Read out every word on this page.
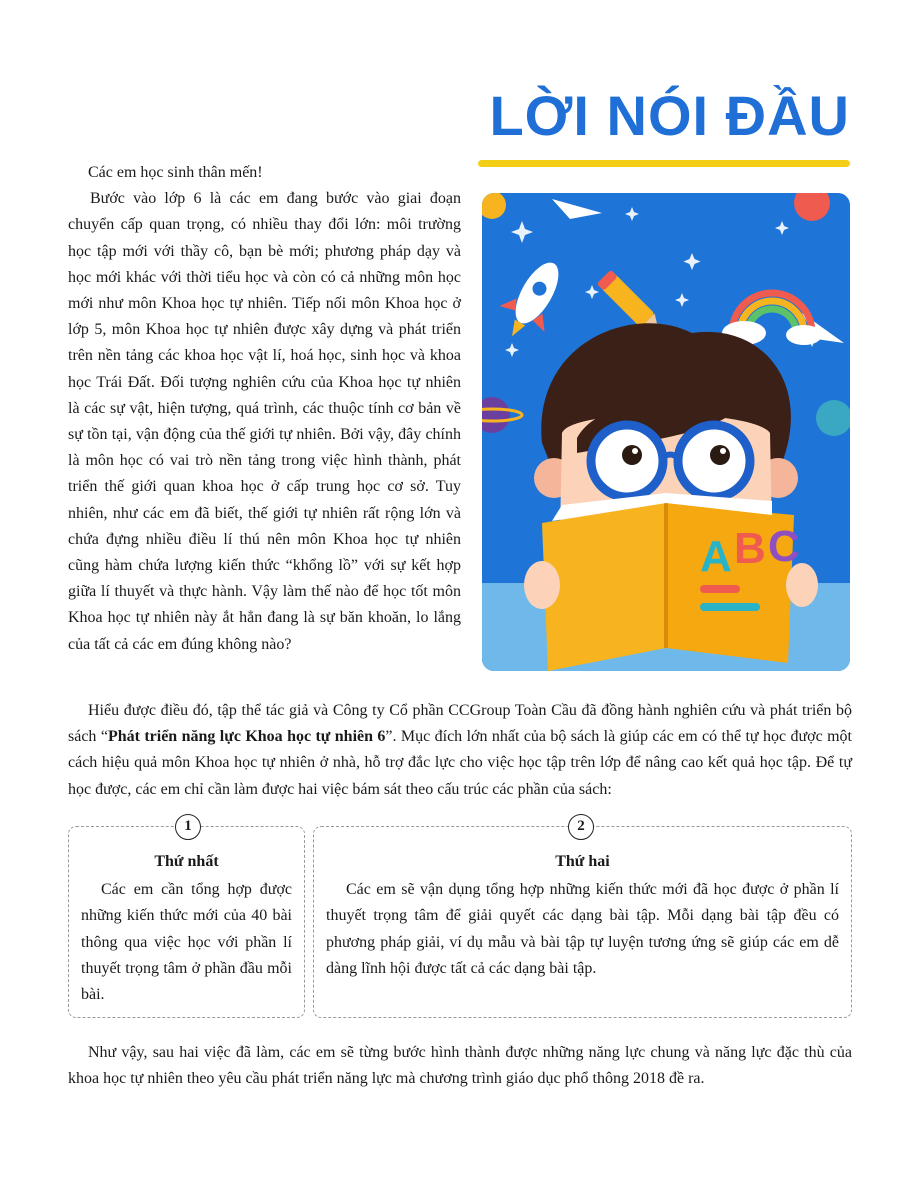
LỜI NÓI ĐẦU

Các em học sinh thân mến!

Bước vào lớp 6 là các em đang bước vào giai đoạn chuyển cấp quan trọng, có nhiều thay đổi lớn: môi trường học tập mới với thầy cô, bạn bè mới; phương pháp dạy và học mới khác với thời tiểu học và còn có cả những môn học mới như môn Khoa học tự nhiên. Tiếp nối môn Khoa học ở lớp 5, môn Khoa học tự nhiên được xây dựng và phát triển trên nền tảng các khoa học vật lí, hoá học, sinh học và khoa học Trái Đất. Đối tượng nghiên cứu của Khoa học tự nhiên là các sự vật, hiện tượng, quá trình, các thuộc tính cơ bản về sự tồn tại, vận động của thế giới tự nhiên. Bởi vậy, đây chính là môn học có vai trò nền tảng trong việc hình thành, phát triển thế giới quan khoa học ở cấp trung học cơ sở. Tuy nhiên, như các em đã biết, thế giới tự nhiên rất rộng lớn và chứa đựng nhiều điều lí thú nên môn Khoa học tự nhiên cũng hàm chứa lượng kiến thức “khổng lồ” với sự kết hợp giữa lí thuyết và thực hành. Vậy làm thế nào để học tốt môn Khoa học tự nhiên này ắt hẳn đang là sự băn khoăn, lo lắng của tất cả các em đúng không nào?

A B C

Hiểu được điều đó, tập thể tác giả và Công ty Cổ phần CCGroup Toàn Cầu đã đồng hành nghiên cứu và phát triển bộ sách “Phát triển năng lực Khoa học tự nhiên 6”. Mục đích lớn nhất của bộ sách là giúp các em có thể tự học được một cách hiệu quả môn Khoa học tự nhiên ở nhà, hỗ trợ đắc lực cho việc học tập trên lớp để nâng cao kết quả học tập. Để tự học được, các em chỉ cần làm được hai việc bám sát theo cấu trúc các phần của sách:

1
Thứ nhất

Các em cần tổng hợp được những kiến thức mới của 40 bài thông qua việc học với phần lí thuyết trọng tâm ở phần đầu mỗi bài.

2
Thứ hai

Các em sẽ vận dụng tổng hợp những kiến thức mới đã học được ở phần lí thuyết trọng tâm để giải quyết các dạng bài tập. Mỗi dạng bài tập đều có phương pháp giải, ví dụ mẫu và bài tập tự luyện tương ứng sẽ giúp các em dễ dàng lĩnh hội được tất cả các dạng bài tập.

Như vậy, sau hai việc đã làm, các em sẽ từng bước hình thành được những năng lực chung và năng lực đặc thù của khoa học tự nhiên theo yêu cầu phát triển năng lực mà chương trình giáo dục phổ thông 2018 đề ra.
